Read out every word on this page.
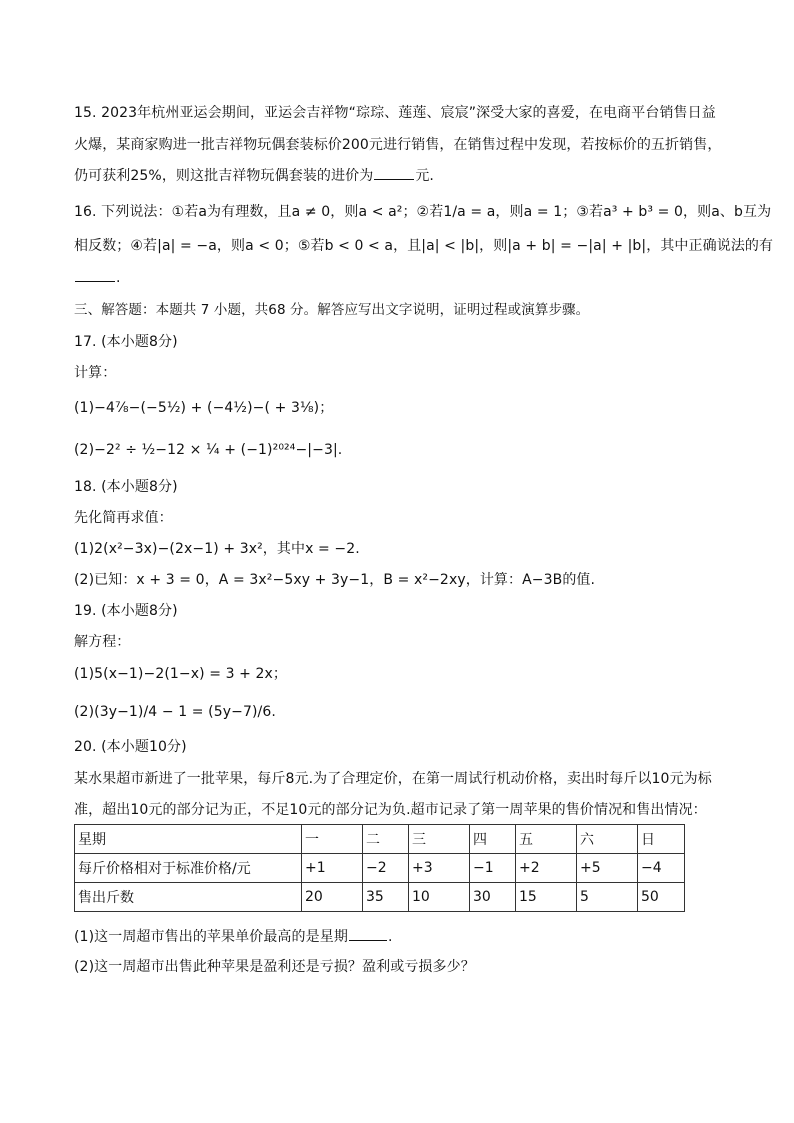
15. 2023年杭州亚运会期间，亚运会吉祥物“琮琮、莲莲、宸宸”深受大家的喜爱，在电商平台销售日益
火爆，某商家购进一批吉祥物玩偶套装标价200元进行销售，在销售过程中发现，若按标价的五折销售，
仍可获利25%，则这批吉祥物玩偶套装的进价为	元.
16. 下列说法：①若a为有理数，且a ≠ 0，则a < a²；②若1/a = a，则a = 1；③若a³ + b³ = 0，则a、b互为
相反数；④若|a| = −a，则a < 0；⑤若b < 0 < a，且|a| < |b|，则|a + b| = −|a| + |b|，其中正确说法的有
.
三、解答题：本题共 7 小题，共68 分。解答应写出文字说明，证明过程或演算步骤。
17. (本小题8分)
计算：
(1)−4⅞−(−5½) + (−4½)−( + 3⅛)；
(2)−2² ÷ ½−12 × ¼ + (−1)²⁰²⁴−|−3|.
18. (本小题8分)
先化简再求值：
(1)2(x²−3x)−(2x−1) + 3x²，其中x = −2.
(2)已知：x + 3 = 0，A = 3x²−5xy + 3y−1，B = x²−2xy，计算：A−3B的值.
19. (本小题8分)
解方程：
(1)5(x−1)−2(1−x) = 3 + 2x；
(2)(3y−1)/4 − 1 = (5y−7)/6.
20. (本小题10分)
某水果超市新进了一批苹果，每斤8元.为了合理定价，在第一周试行机动价格，卖出时每斤以10元为标
准，超出10元的部分记为正，不足10元的部分记为负.超市记录了第一周苹果的售价情况和售出情况：
星期	一	二	三	四	五	六	日
每斤价格相对于标准价格/元	+1	−2	+3	−1	+2	+5	−4
售出斤数	20	35	10	30	15	5	50
(1)这一周超市售出的苹果单价最高的是星期	.
(2)这一周超市出售此种苹果是盈利还是亏损？盈利或亏损多少？
